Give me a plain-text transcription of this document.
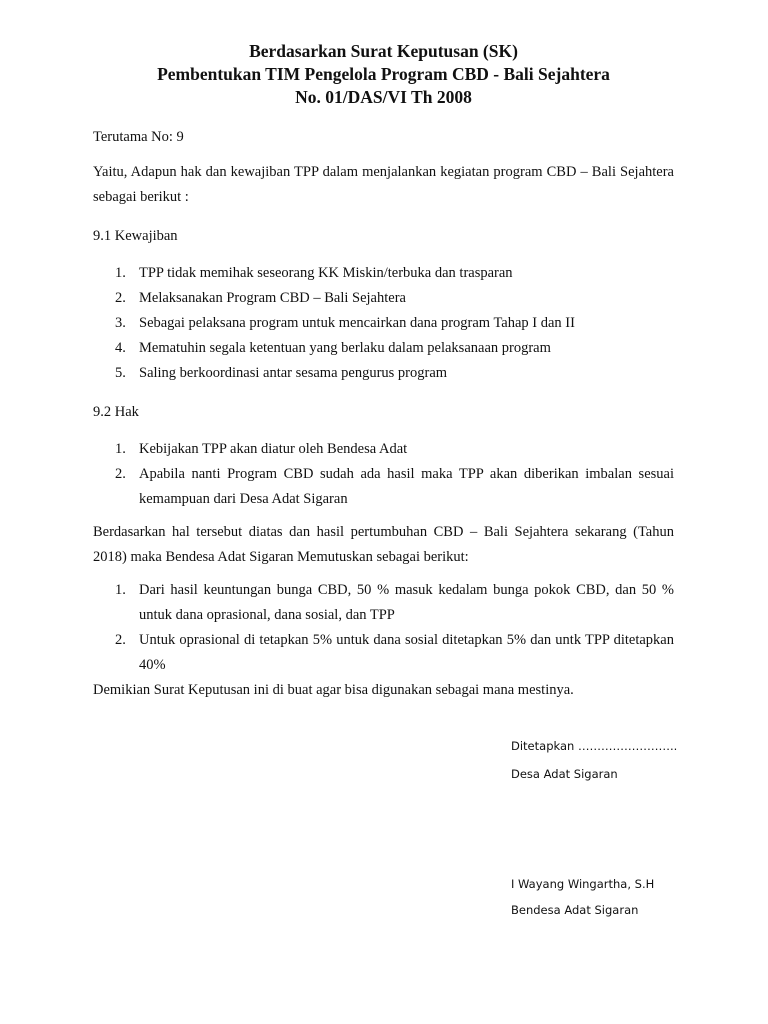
Berdasarkan Surat Keputusan (SK)

Pembentukan TIM Pengelola Program CBD - Bali Sejahtera

No. 01/DAS/VI Th 2008

Terutama No: 9

Yaitu, Adapun hak dan kewajiban TPP dalam menjalankan kegiatan program CBD – Bali Sejahtera sebagai berikut :

9.1 Kewajiban

1. TPP tidak memihak seseorang KK Miskin/terbuka dan trasparan
2. Melaksanakan Program CBD – Bali Sejahtera
3. Sebagai pelaksana program untuk mencairkan dana program Tahap I dan II
4. Mematuhin segala ketentuan yang berlaku dalam pelaksanaan program
5. Saling berkoordinasi antar sesama pengurus program

9.2 Hak

1. Kebijakan TPP akan diatur oleh Bendesa Adat
2. Apabila nanti Program CBD sudah ada hasil maka TPP akan diberikan imbalan sesuai kemampuan dari Desa Adat Sigaran

Berdasarkan hal tersebut diatas dan hasil pertumbuhan CBD – Bali Sejahtera sekarang (Tahun 2018) maka Bendesa Adat Sigaran Memutuskan sebagai berikut:

1. Dari hasil keuntungan bunga CBD, 50 % masuk kedalam bunga pokok CBD, dan 50 % untuk dana oprasional, dana sosial, dan TPP
2. Untuk oprasional di tetapkan 5% untuk dana sosial ditetapkan 5% dan untk TPP ditetapkan 40%

Demikian Surat Keputusan ini di buat agar bisa digunakan sebagai mana mestinya.

Ditetapkan ……………………..
Desa Adat Sigaran
I Wayang Wingartha, S.H
Bendesa Adat Sigaran
